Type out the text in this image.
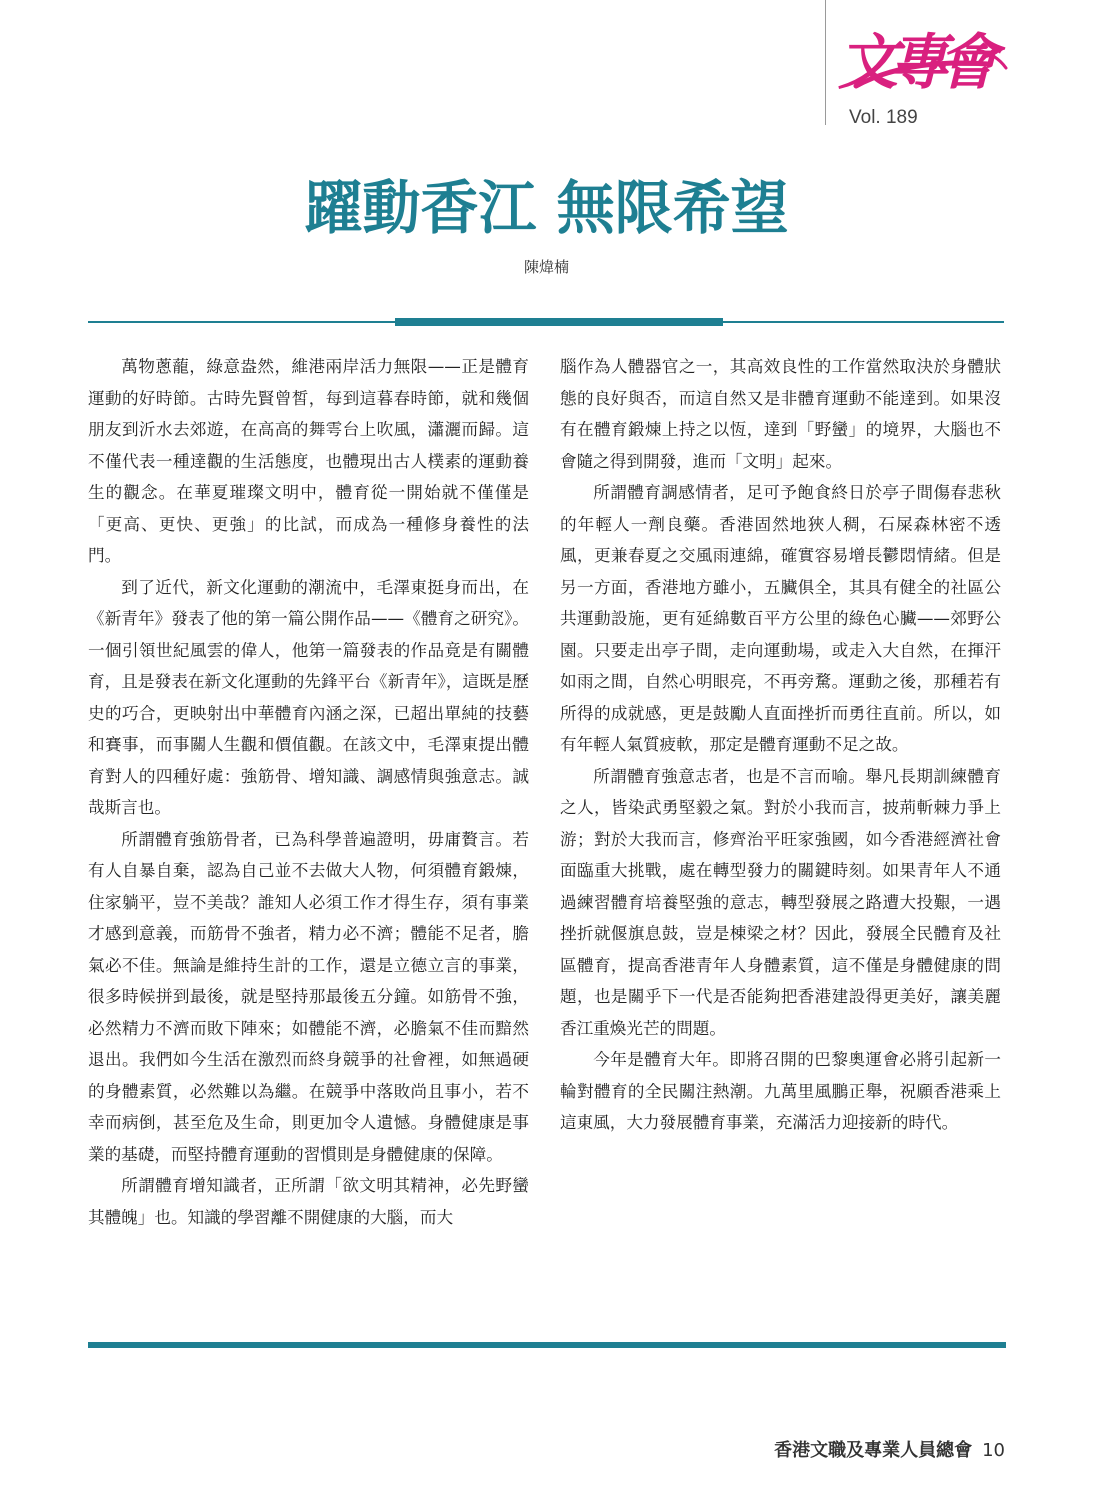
文專會
Vol. 189
躍動香江 無限希望
陳煒楠

萬物蔥蘢，綠意盎然，維港兩岸活力無限——正是體育運動的好時節。古時先賢曾皙，每到這暮春時節，就和幾個朋友到沂水去郊遊，在高高的舞雩台上吹風，瀟灑而歸。這不僅代表一種達觀的生活態度，也體現出古人樸素的運動養生的觀念。在華夏璀璨文明中，體育從一開始就不僅僅是「更高、更快、更強」的比試，而成為一種修身養性的法門。

到了近代，新文化運動的潮流中，毛澤東挺身而出，在《新青年》發表了他的第一篇公開作品——《體育之研究》。一個引領世紀風雲的偉人，他第一篇發表的作品竟是有關體育，且是發表在新文化運動的先鋒平台《新青年》，這既是歷史的巧合，更映射出中華體育內涵之深，已超出單純的技藝和賽事，而事關人生觀和價值觀。在該文中，毛澤東提出體育對人的四種好處：強筋骨、增知識、調感情與強意志。誠哉斯言也。

所謂體育強筋骨者，已為科學普遍證明，毋庸贅言。若有人自暴自棄，認為自己並不去做大人物，何須體育鍛煉，住家躺平，豈不美哉？誰知人必須工作才得生存，須有事業才感到意義，而筋骨不強者，精力必不濟；體能不足者，膽氣必不佳。無論是維持生計的工作，還是立德立言的事業，很多時候拼到最後，就是堅持那最後五分鐘。如筋骨不強，必然精力不濟而敗下陣來；如體能不濟，必膽氣不佳而黯然退出。我們如今生活在激烈而終身競爭的社會裡，如無過硬的身體素質，必然難以為繼。在競爭中落敗尚且事小，若不幸而病倒，甚至危及生命，則更加令人遺憾。身體健康是事業的基礎，而堅持體育運動的習慣則是身體健康的保障。

所謂體育增知識者，正所謂「欲文明其精神，必先野蠻其體魄」也。知識的學習離不開健康的大腦，而大

腦作為人體器官之一，其高效良性的工作當然取決於身體狀態的良好與否，而這自然又是非體育運動不能達到。如果沒有在體育鍛煉上持之以恆，達到「野蠻」的境界，大腦也不會隨之得到開發，進而「文明」起來。

所謂體育調感情者，足可予飽食終日於亭子間傷春悲秋的年輕人一劑良藥。香港固然地狹人稠，石屎森林密不透風，更兼春夏之交風雨連綿，確實容易增長鬱悶情緒。但是另一方面，香港地方雖小，五臟俱全，其具有健全的社區公共運動設施，更有延綿數百平方公里的綠色心臟——郊野公園。只要走出亭子間，走向運動場，或走入大自然，在揮汗如雨之間，自然心明眼亮，不再旁騖。運動之後，那種若有所得的成就感，更是鼓勵人直面挫折而勇往直前。所以，如有年輕人氣質疲軟，那定是體育運動不足之故。

所謂體育強意志者，也是不言而喻。舉凡長期訓練體育之人，皆染武勇堅毅之氣。對於小我而言，披荊斬棘力爭上游；對於大我而言，修齊治平旺家強國，如今香港經濟社會面臨重大挑戰，處在轉型發力的關鍵時刻。如果青年人不通過練習體育培養堅強的意志，轉型發展之路遭大投艱，一遇挫折就偃旗息鼓，豈是棟梁之材？因此，發展全民體育及社區體育，提高香港青年人身體素質，這不僅是身體健康的問題，也是關乎下一代是否能夠把香港建設得更美好，讓美麗香江重煥光芒的問題。

今年是體育大年。即將召開的巴黎奧運會必將引起新一輪對體育的全民關注熱潮。九萬里風鵬正舉，祝願香港乘上這東風，大力發展體育事業，充滿活力迎接新的時代。

香港文職及專業人員總會 10
